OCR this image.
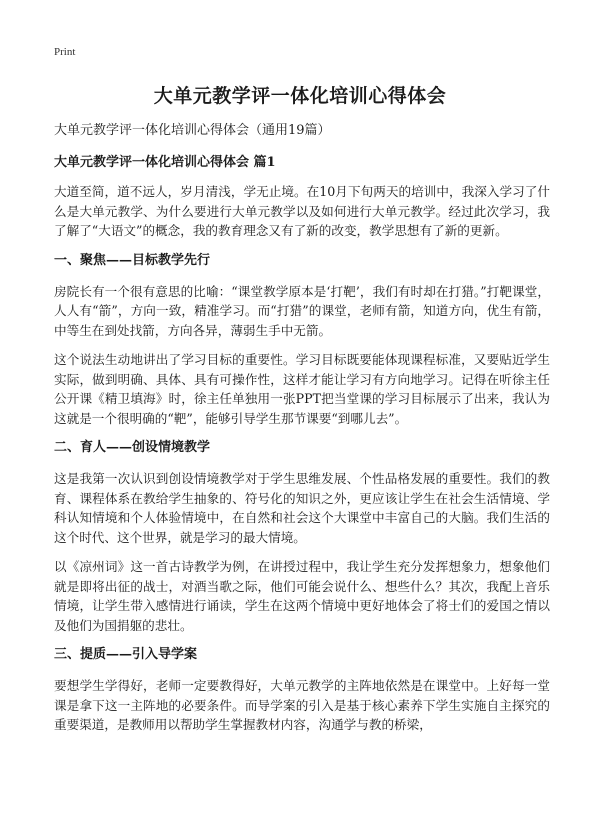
Print
大单元教学评一体化培训心得体会

大单元教学评一体化培训心得体会（通用19篇）

大单元教学评一体化培训心得体会 篇1

大道至简，道不远人，岁月清浅，学无止境。在10月下旬两天的培训中，我深入学习了什么是大单元教学、为什么要进行大单元教学以及如何进行大单元教学。经过此次学习，我了解了“大语文”的概念，我的教育理念又有了新的改变，教学思想有了新的更新。

一、聚焦——目标教学先行

房院长有一个很有意思的比喻：“课堂教学原本是‘打靶’，我们有时却在打猎。”打靶课堂，人人有“箭”，方向一致，精准学习。而“打猎”的课堂，老师有箭，知道方向，优生有箭，中等生在到处找箭，方向各异，薄弱生手中无箭。

这个说法生动地讲出了学习目标的重要性。学习目标既要能体现课程标准，又要贴近学生实际，做到明确、具体、具有可操作性，这样才能让学习有方向地学习。记得在听徐主任公开课《精卫填海》时，徐主任单独用一张PPT把当堂课的学习目标展示了出来，我认为这就是一个很明确的“靶”，能够引导学生那节课要“到哪儿去”。

二、育人——创设情境教学

这是我第一次认识到创设情境教学对于学生思维发展、个性品格发展的重要性。我们的教育、课程体系在教给学生抽象的、符号化的知识之外，更应该让学生在社会生活情境、学科认知情境和个人体验情境中，在自然和社会这个大课堂中丰富自己的大脑。我们生活的这个时代、这个世界，就是学习的最大情境。

以《凉州词》这一首古诗教学为例，在讲授过程中，我让学生充分发挥想象力，想象他们就是即将出征的战士，对酒当歌之际，他们可能会说什么、想些什么？其次，我配上音乐情境，让学生带入感情进行诵读，学生在这两个情境中更好地体会了将士们的爱国之情以及他们为国捐躯的悲壮。

三、提质——引入导学案

要想学生学得好，老师一定要教得好，大单元教学的主阵地依然是在课堂中。上好每一堂课是拿下这一主阵地的必要条件。而导学案的引入是基于核心素养下学生实施自主探究的重要渠道，是教师用以帮助学生掌握教材内容，沟通学与教的桥梁，
